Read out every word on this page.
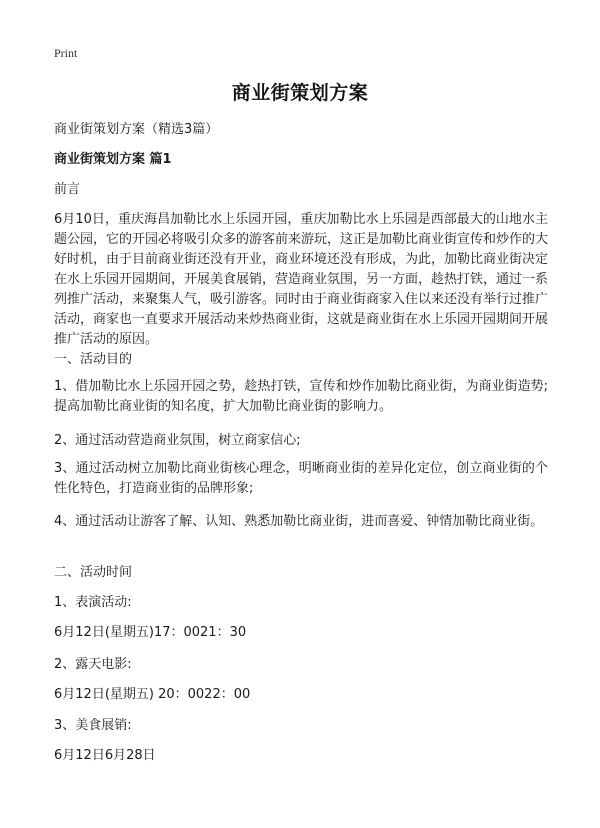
Print
商业街策划方案
商业街策划方案（精选3篇）
商业街策划方案 篇1
前言
6月10日，重庆海昌加勒比水上乐园开园，重庆加勒比水上乐园是西部最大的山地水主题公园，它的开园必将吸引众多的游客前来游玩，这正是加勒比商业街宣传和炒作的大好时机，由于目前商业街还没有开业，商业环境还没有形成，为此，加勒比商业街决定在水上乐园开园期间，开展美食展销，营造商业氛围，另一方面，趁热打铁，通过一系列推广活动，来聚集人气，吸引游客。同时由于商业街商家入住以来还没有举行过推广活动，商家也一直要求开展活动来炒热商业街，这就是商业街在水上乐园开园期间开展推广活动的原因。
一、活动目的
1、借加勒比水上乐园开园之势，趁热打铁，宣传和炒作加勒比商业街，为商业街造势;提高加勒比商业街的知名度，扩大加勒比商业街的影响力。
2、通过活动营造商业氛围，树立商家信心;
3、通过活动树立加勒比商业街核心理念，明晰商业街的差异化定位，创立商业街的个性化特色，打造商业街的品牌形象;
4、通过活动让游客了解、认知、熟悉加勒比商业街，进而喜爱、钟情加勒比商业街。
二、活动时间
1、表演活动:
6月12日(星期五)17：0021：30
2、露天电影:
6月12日(星期五) 20：0022：00
3、美食展销:
6月12日6月28日
